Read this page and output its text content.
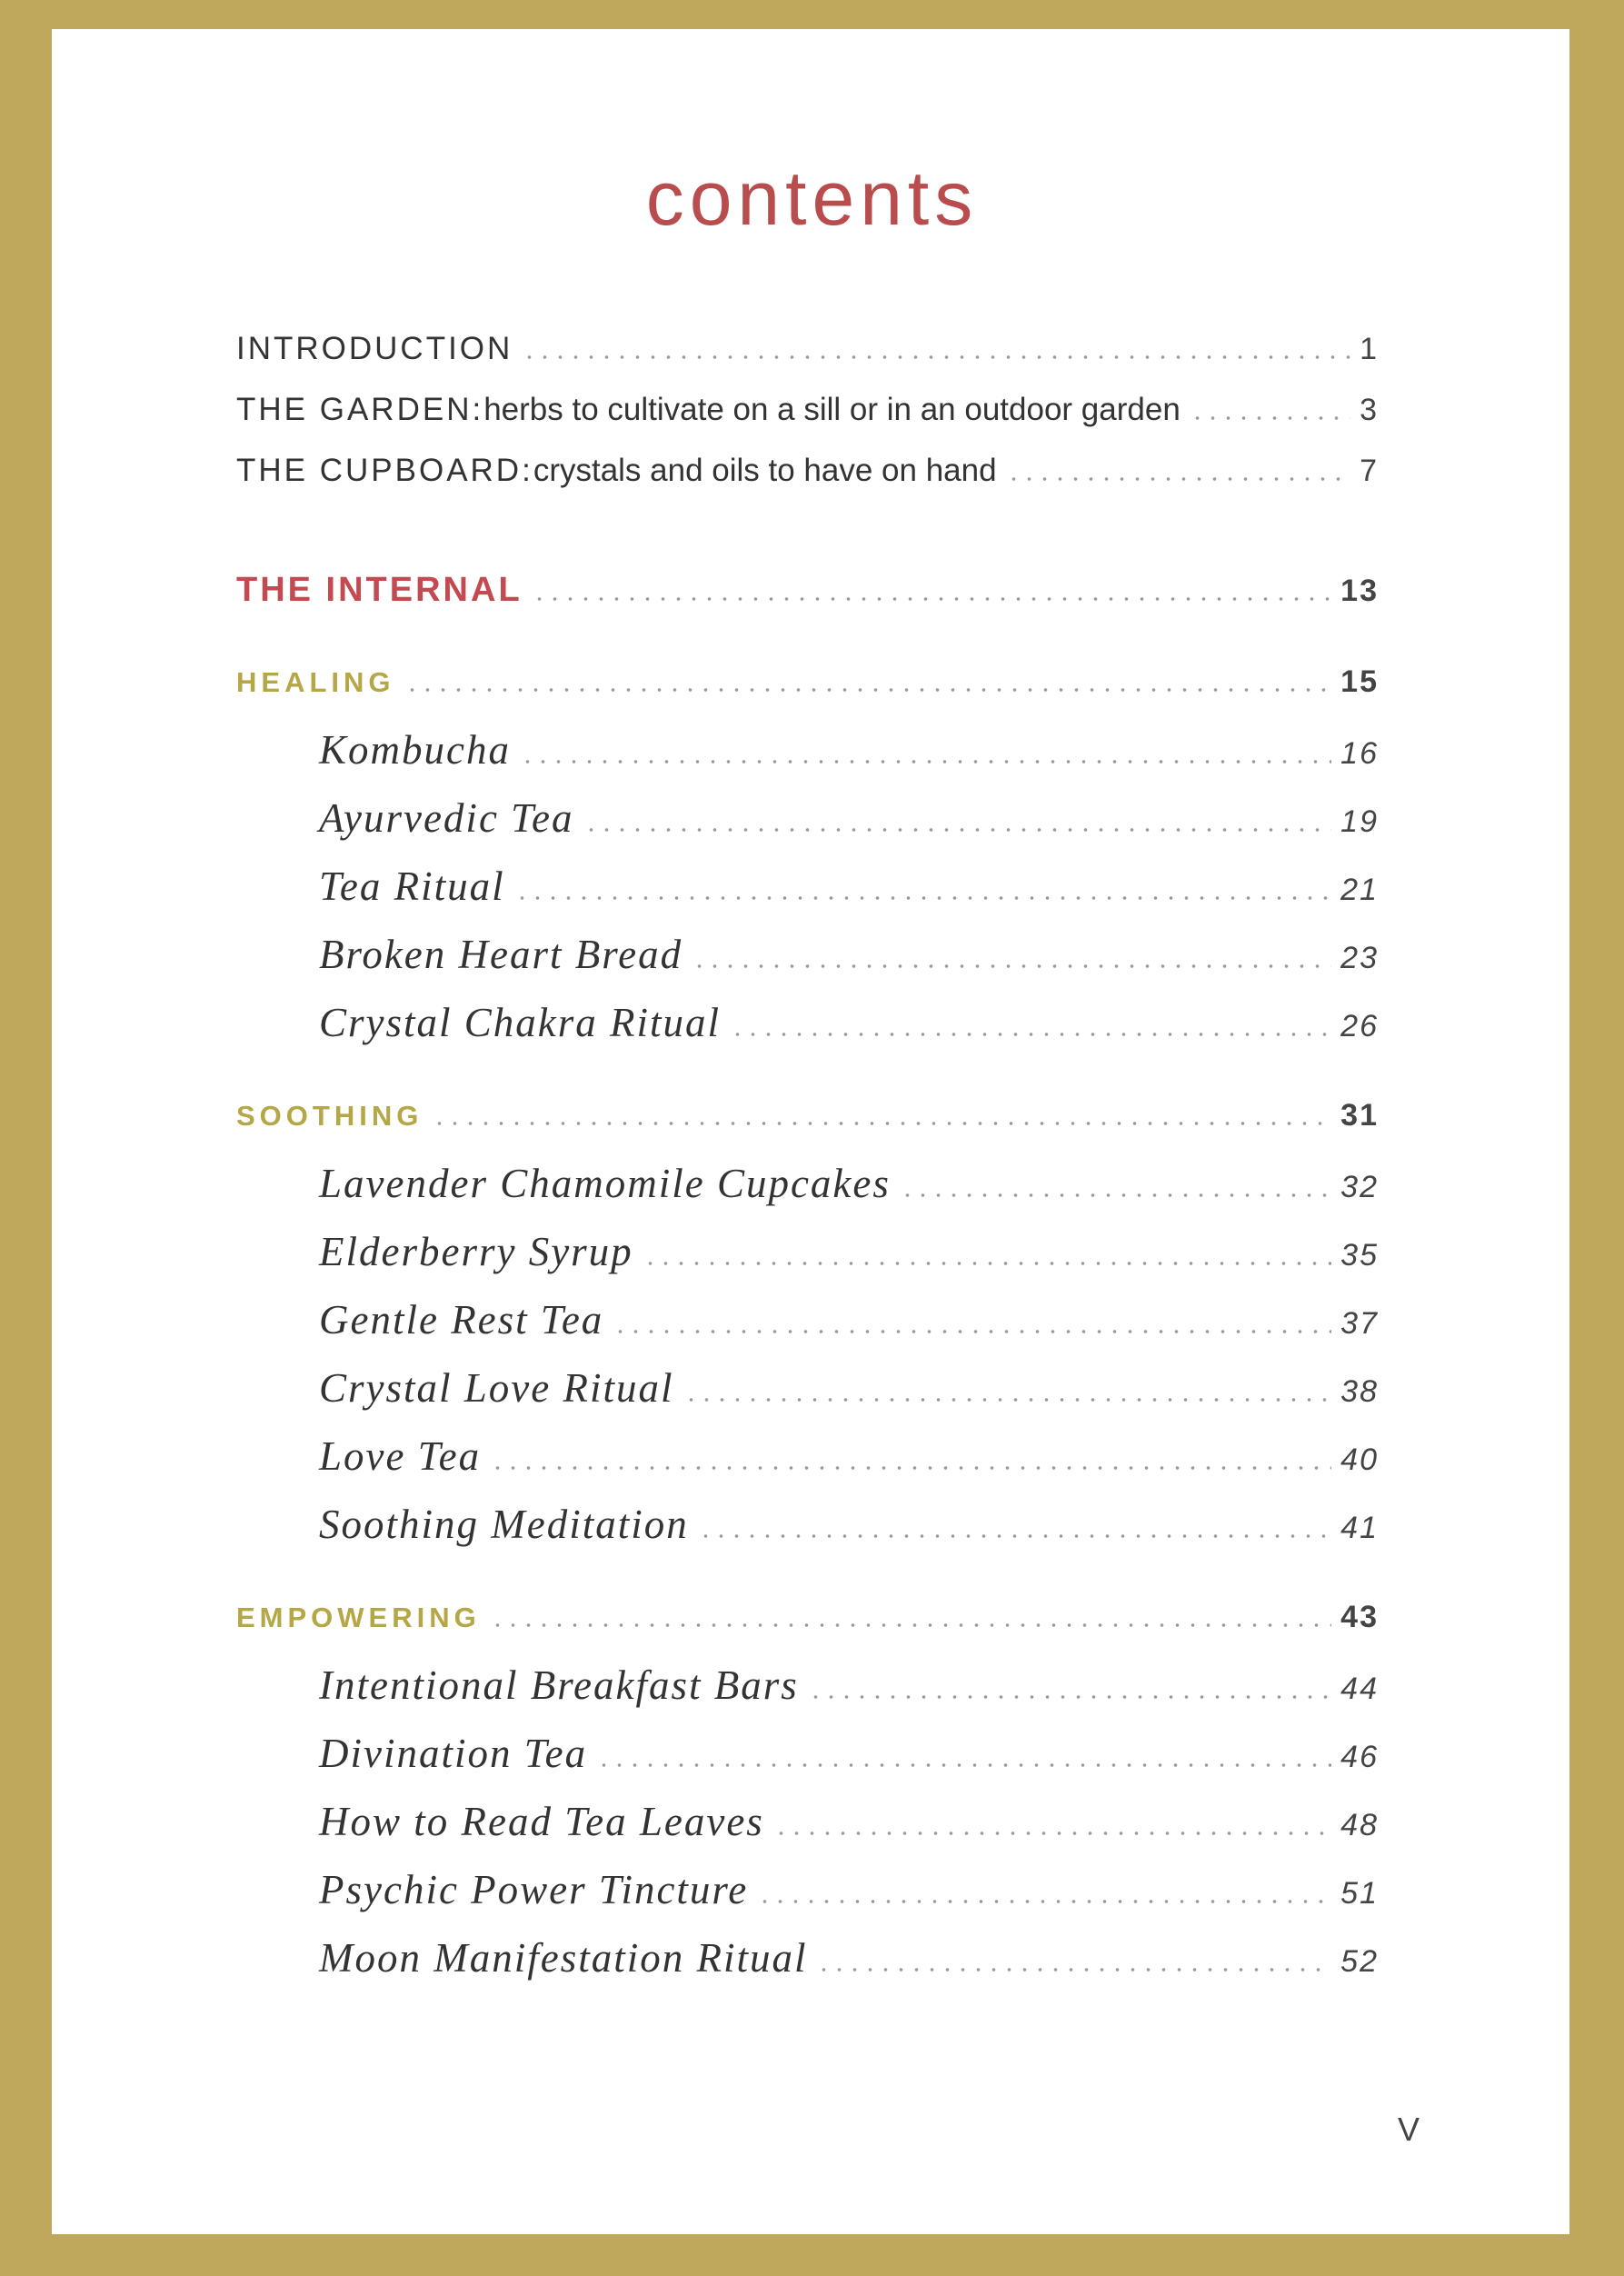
contents
INTRODUCTION	1
THE GARDEN: herbs to cultivate on a sill or in an outdoor garden	3
THE CUPBOARD: crystals and oils to have on hand	7
THE INTERNAL	13
HEALING	15
Kombucha	16
Ayurvedic Tea	19
Tea Ritual	21
Broken Heart Bread	23
Crystal Chakra Ritual	26
SOOTHING	31
Lavender Chamomile Cupcakes	32
Elderberry Syrup	35
Gentle Rest Tea	37
Crystal Love Ritual	38
Love Tea	40
Soothing Meditation	41
EMPOWERING	43
Intentional Breakfast Bars	44
Divination Tea	46
How to Read Tea Leaves	48
Psychic Power Tincture	51
Moon Manifestation Ritual	52
V
